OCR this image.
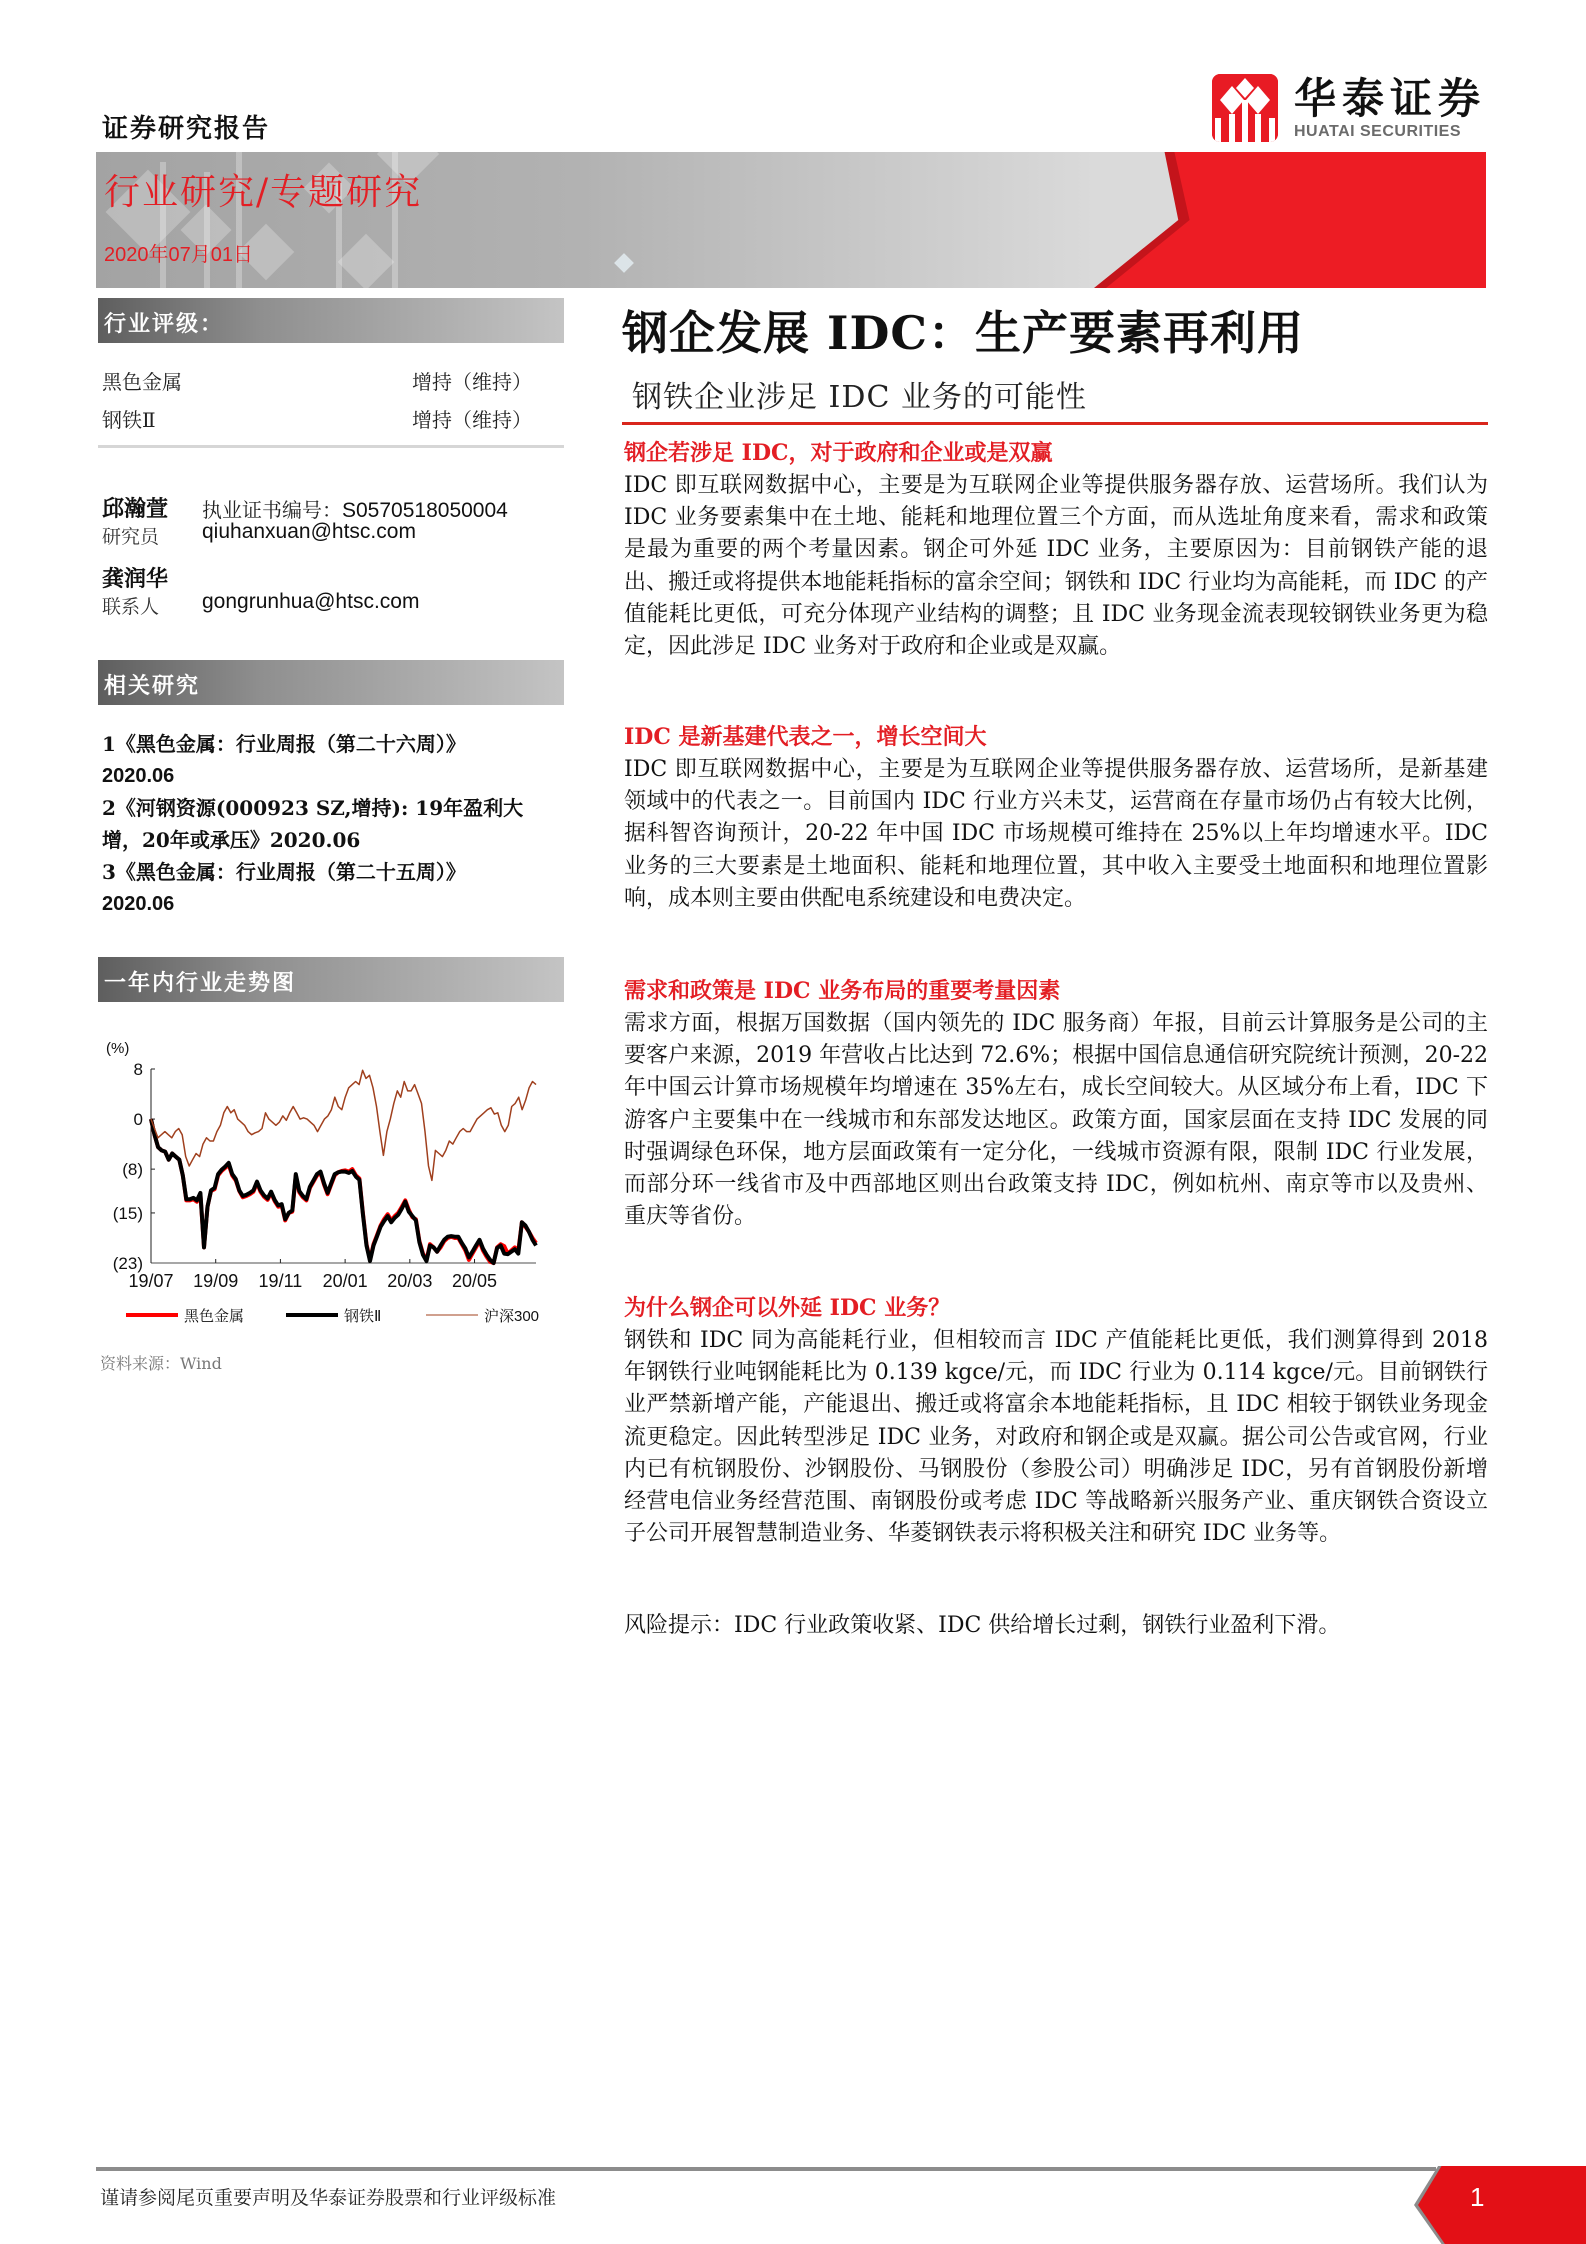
证券研究报告
华泰证券
HUATAI SECURITIES
行业研究/专题研究
2020年07月01日
行业评级：
黑色金属	增持（维持）
钢铁Ⅱ	增持（维持）
邱瀚萱 执业证书编号：S0570518050004
研究员 qiuhanxuan@htsc.com
龚润华
联系人 gongrunhua@htsc.com
相关研究
1《黑色金属：行业周报（第二十六周）》
2020.06
2《河钢资源(000923 SZ,增持): 19年盈利大
增，20年或承压》2020.06
3《黑色金属：行业周报（第二十五周）》
2020.06
一年内行业走势图
(%)
8
0
(8)
(15)
(23)
19/07 19/09 19/11 20/01 20/03 20/05
黑色金属	钢铁Ⅱ	沪深300
资料来源：Wind
钢企发展 IDC：生产要素再利用
钢铁企业涉足 IDC 业务的可能性
钢企若涉足 IDC，对于政府和企业或是双赢
IDC 即互联网数据中心，主要是为互联网企业等提供服务器存放、运营场所。我们认为 IDC 业务要素集中在土地、能耗和地理位置三个方面，而从选址角度来看，需求和政策是最为重要的两个考量因素。钢企可外延 IDC 业务，主要原因为：目前钢铁产能的退出、搬迁或将提供本地能耗指标的富余空间；钢铁和 IDC 行业均为高能耗，而 IDC 的产值能耗比更低，可充分体现产业结构的调整；且 IDC 业务现金流表现较钢铁业务更为稳定，因此涉足 IDC 业务对于政府和企业或是双赢。
IDC 是新基建代表之一，增长空间大
IDC 即互联网数据中心，主要是为互联网企业等提供服务器存放、运营场所，是新基建领域中的代表之一。目前国内 IDC 行业方兴未艾，运营商在存量市场仍占有较大比例，据科智咨询预计，20-22 年中国 IDC 市场规模可维持在 25%以上年均增速水平。IDC 业务的三大要素是土地面积、能耗和地理位置，其中收入主要受土地面积和地理位置影响，成本则主要由供配电系统建设和电费决定。
需求和政策是 IDC 业务布局的重要考量因素
需求方面，根据万国数据（国内领先的 IDC 服务商）年报，目前云计算服务是公司的主要客户来源，2019 年营收占比达到 72.6%；根据中国信息通信研究院统计预测，20-22 年中国云计算市场规模年均增速在 35%左右，成长空间较大。从区域分布上看，IDC 下游客户主要集中在一线城市和东部发达地区。政策方面，国家层面在支持 IDC 发展的同时强调绿色环保，地方层面政策有一定分化，一线城市资源有限，限制 IDC 行业发展，而部分环一线省市及中西部地区则出台政策支持 IDC，例如杭州、南京等市以及贵州、重庆等省份。
为什么钢企可以外延 IDC 业务？
钢铁和 IDC 同为高能耗行业，但相较而言 IDC 产值能耗比更低，我们测算得到 2018 年钢铁行业吨钢能耗比为 0.139 kgce/元，而 IDC 行业为 0.114 kgce/元。目前钢铁行业严禁新增产能，产能退出、搬迁或将富余本地能耗指标，且 IDC 相较于钢铁业务现金流更稳定。因此转型涉足 IDC 业务，对政府和钢企或是双赢。据公司公告或官网，行业内已有杭钢股份、沙钢股份、马钢股份（参股公司）明确涉足 IDC，另有首钢股份新增经营电信业务经营范围、南钢股份或考虑 IDC 等战略新兴服务产业、重庆钢铁合资设立子公司开展智慧制造业务、华菱钢铁表示将积极关注和研究 IDC 业务等。
风险提示：IDC 行业政策收紧、IDC 供给增长过剩，钢铁行业盈利下滑。
谨请参阅尾页重要声明及华泰证券股票和行业评级标准	1
